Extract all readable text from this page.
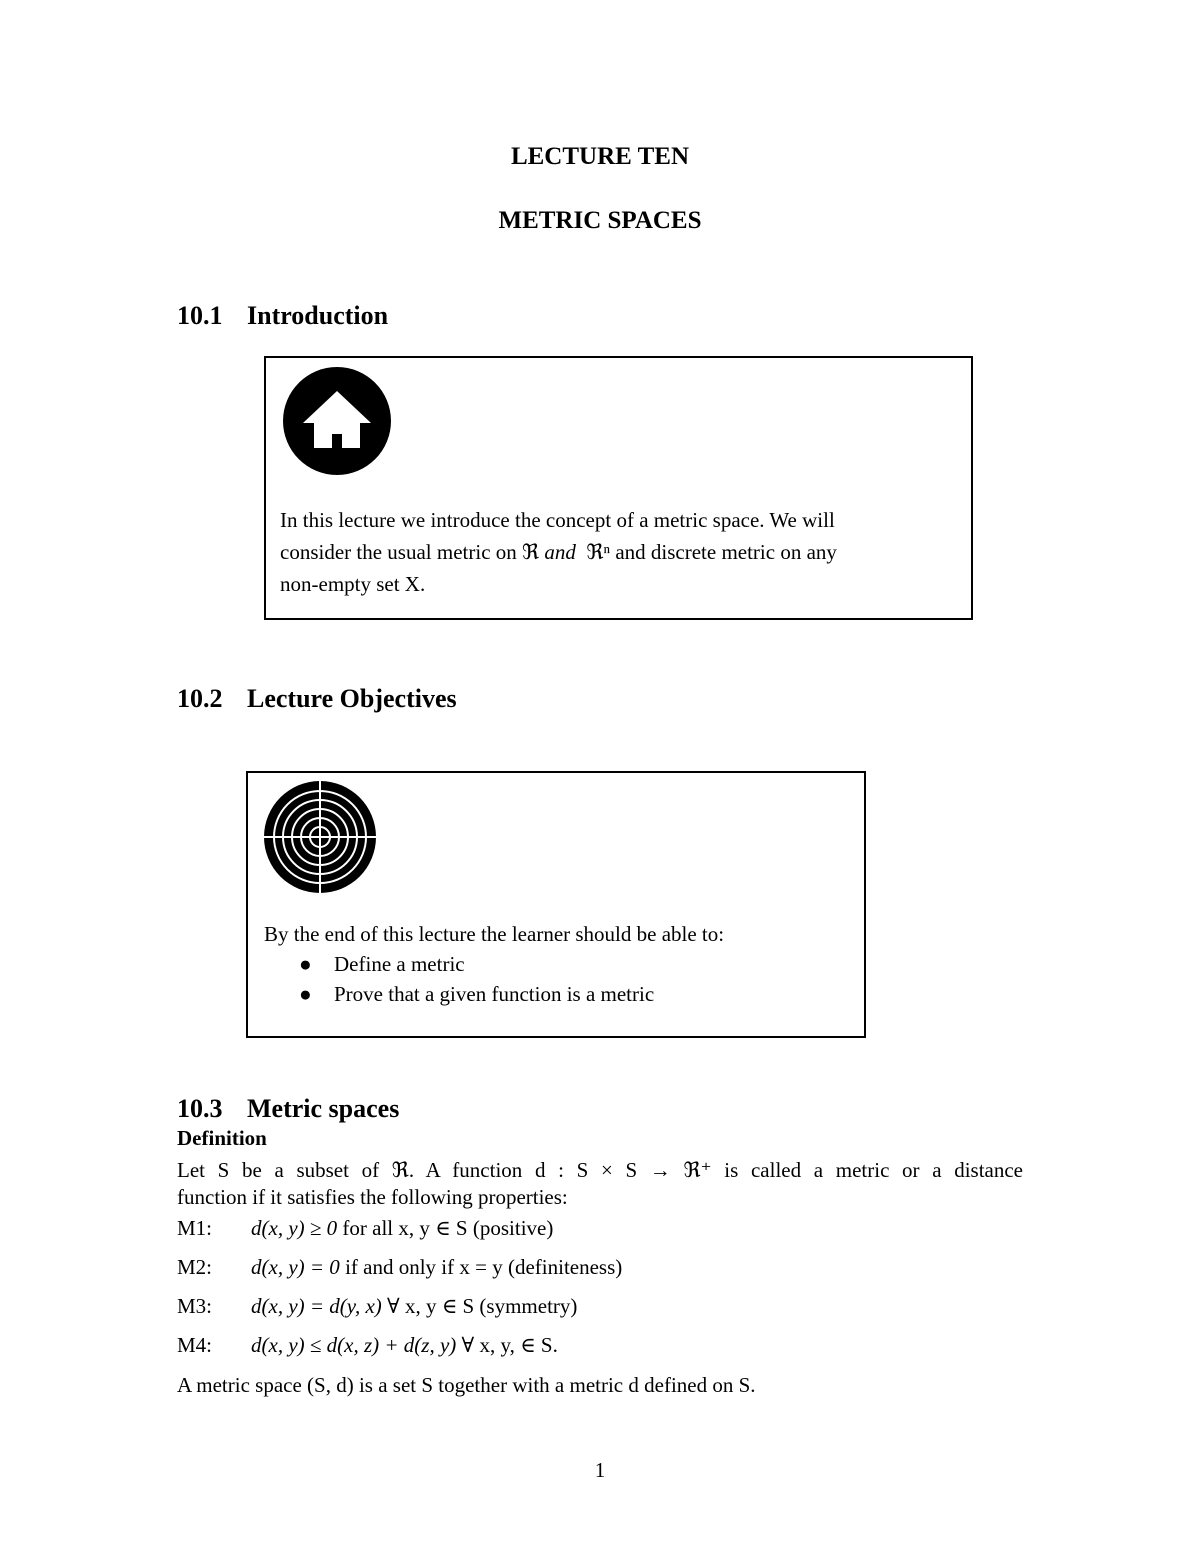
LECTURE TEN
METRIC SPACES
10.1 Introduction
In this lecture we introduce the concept of a metric space. We will
consider the usual metric on ℜ and ℜⁿ and discrete metric on any
non-empty set X.
10.2 Lecture Objectives
By the end of this lecture the learner should be able to:
● Define a metric
● Prove that a given function is a metric
10.3 Metric spaces
Definition
Let S be a subset of ℜ. A function d : S × S → ℜ⁺ is called a metric or a distance
function if it satisfies the following properties:
M1: d(x, y) ≥ 0 for all x, y ∈ S (positive)
M2: d(x, y) = 0 if and only if x = y (definiteness)
M3: d(x, y) = d(y, x) ∀ x, y ∈ S (symmetry)
M4: d(x, y) ≤ d(x, z) + d(z, y) ∀ x, y, ∈ S.
A metric space (S, d) is a set S together with a metric d defined on S.
1
